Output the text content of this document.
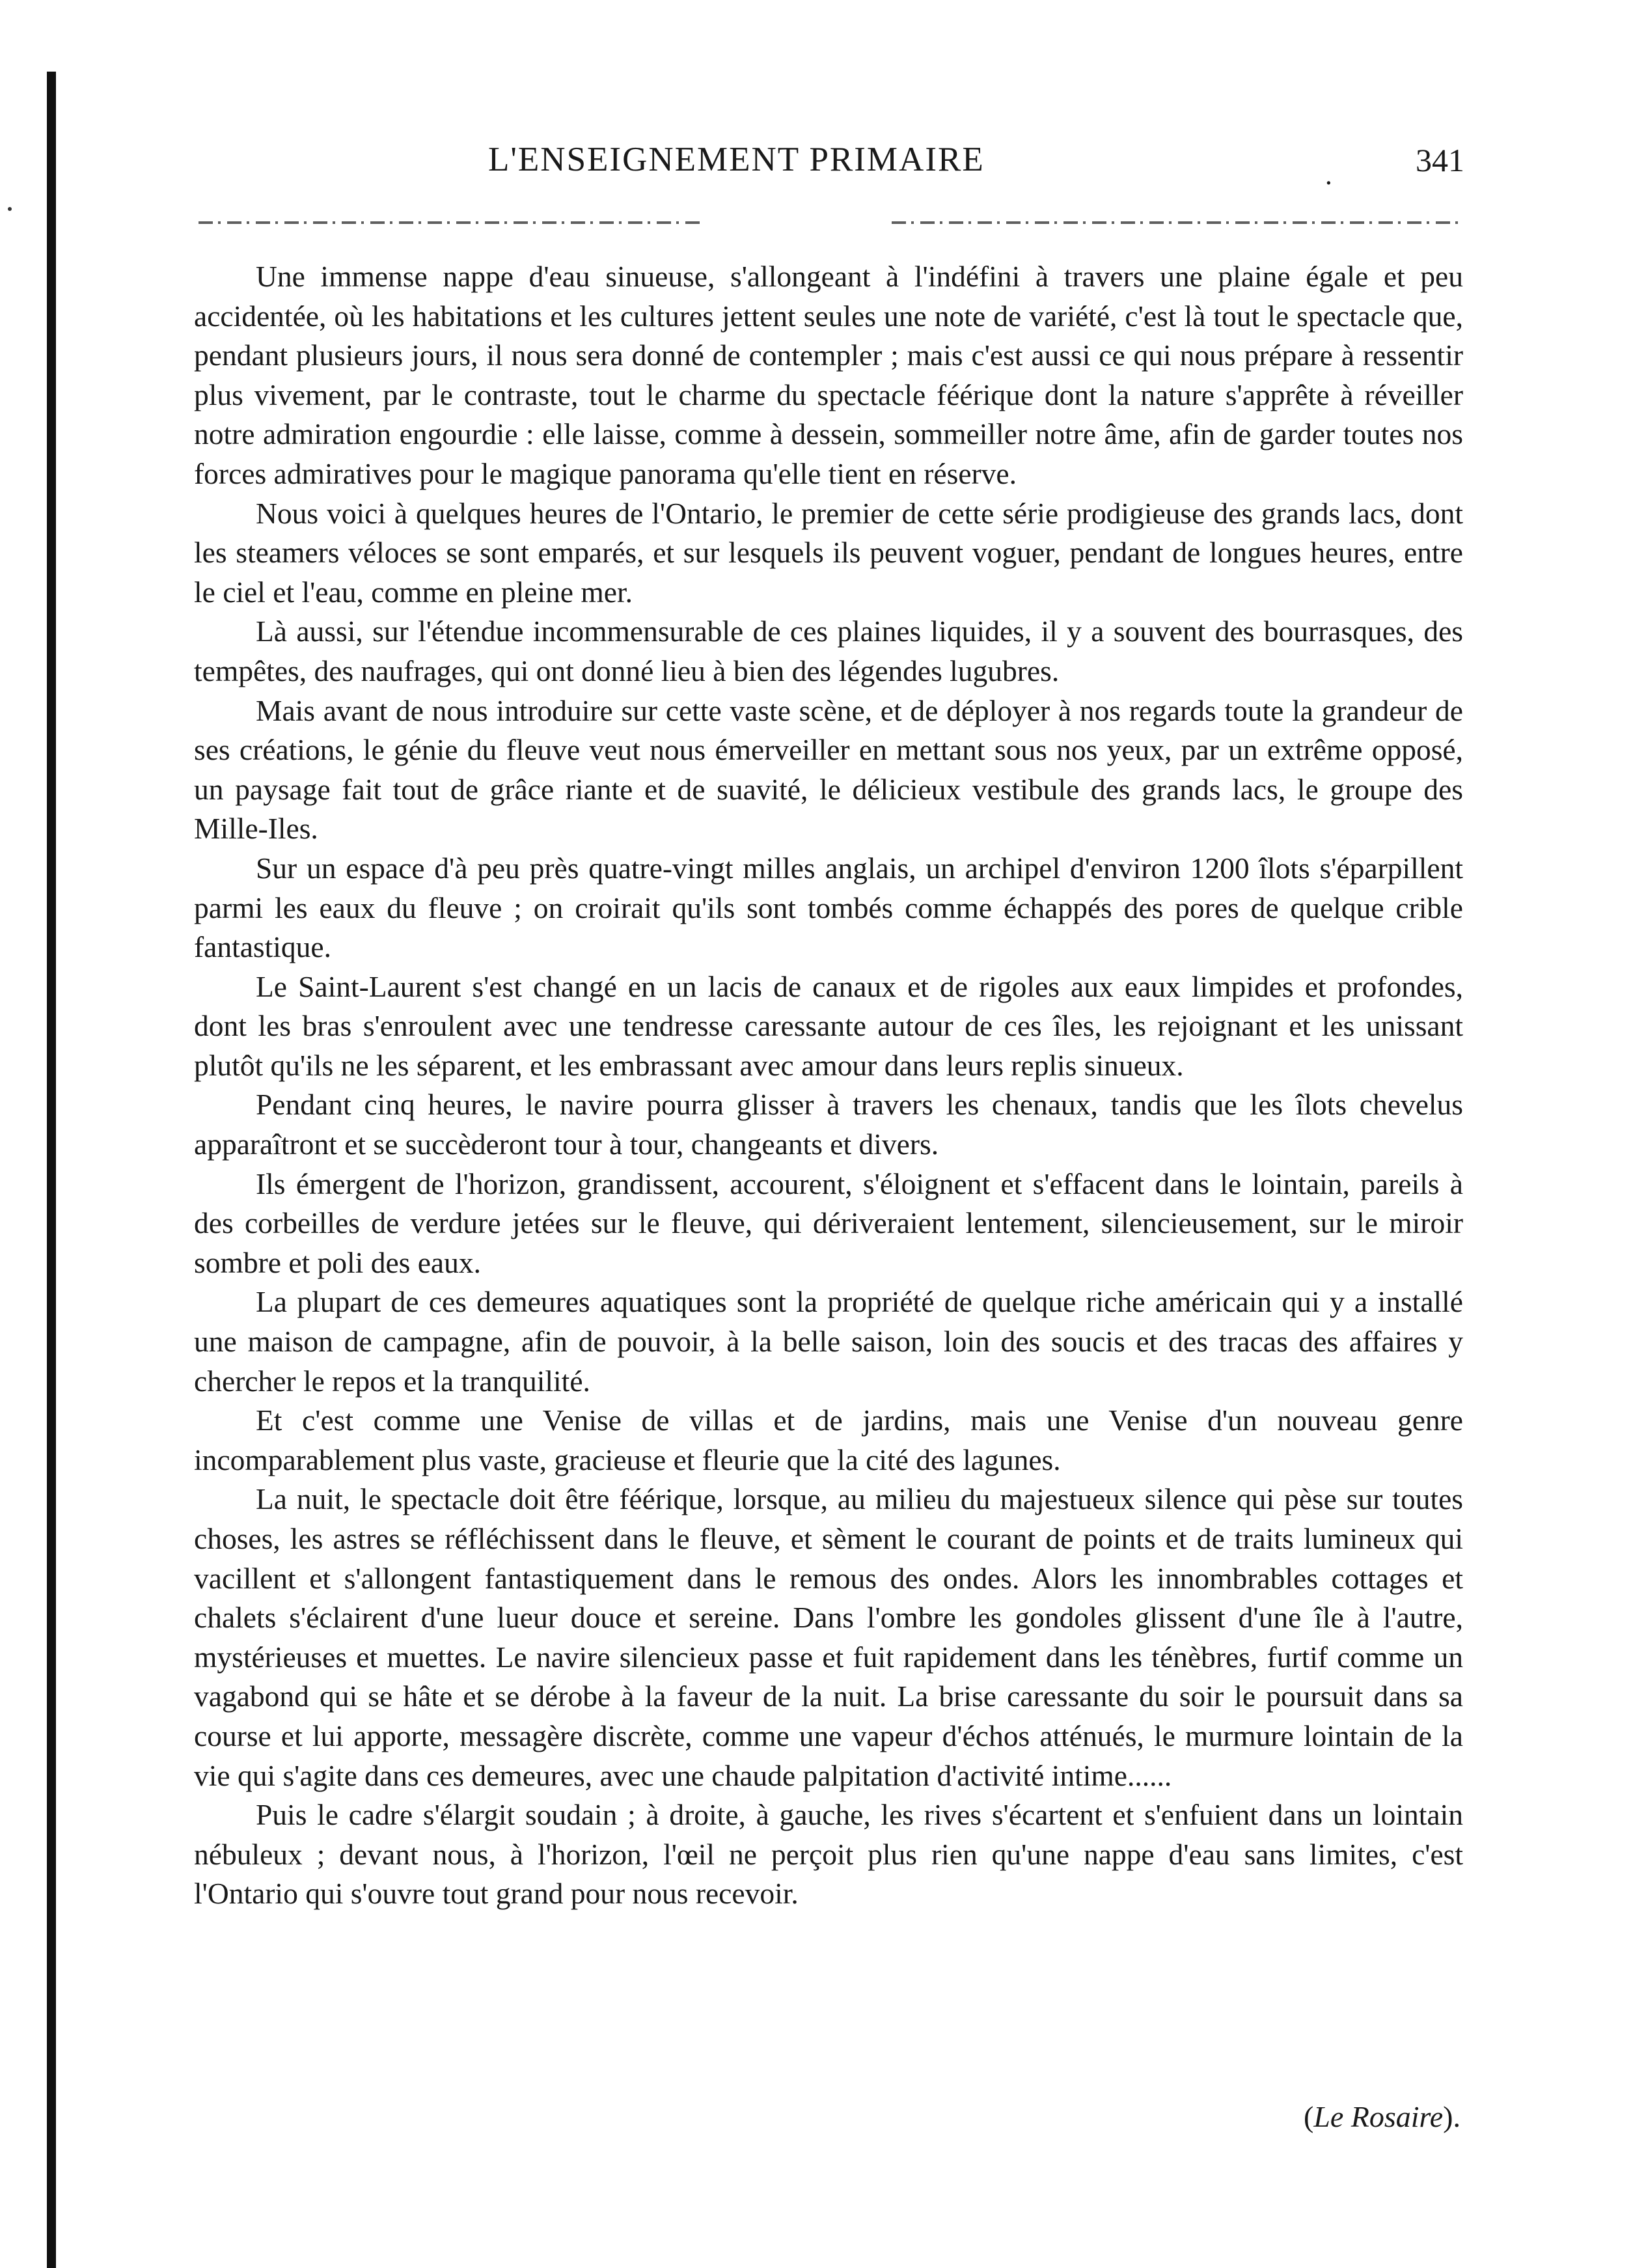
L'ENSEIGNEMENT PRIMAIRE	.	341

Une immense nappe d'eau sinueuse, s'allongeant à l'indéfini à travers une plaine égale et peu accidentée, où les habitations et les cultures jettent seules une note de variété, c'est là tout le spectacle que, pendant plusieurs jours, il nous sera donné de contempler ; mais c'est aussi ce qui nous prépare à ressentir plus vivement, par le contraste, tout le charme du spectacle féérique dont la nature s'apprête à réveiller notre admiration engourdie : elle laisse, comme à dessein, sommeiller notre âme, afin de garder toutes nos forces admiratives pour le magique panorama qu'elle tient en réserve.

Nous voici à quelques heures de l'Ontario, le premier de cette série prodigieuse des grands lacs, dont les steamers véloces se sont emparés, et sur lesquels ils peuvent voguer, pendant de longues heures, entre le ciel et l'eau, comme en pleine mer.

Là aussi, sur l'étendue incommensurable de ces plaines liquides, il y a souvent des bourrasques, des tempêtes, des naufrages, qui ont donné lieu à bien des légendes lugubres.

Mais avant de nous introduire sur cette vaste scène, et de déployer à nos regards toute la grandeur de ses créations, le génie du fleuve veut nous émerveiller en mettant sous nos yeux, par un extrême opposé, un paysage fait tout de grâce riante et de suavité, le délicieux vestibule des grands lacs, le groupe des Mille-Iles.

Sur un espace d'à peu près quatre-vingt milles anglais, un archipel d'environ 1200 îlots s'éparpillent parmi les eaux du fleuve ; on croirait qu'ils sont tombés comme échappés des pores de quelque crible fantastique.

Le Saint-Laurent s'est changé en un lacis de canaux et de rigoles aux eaux limpides et profondes, dont les bras s'enroulent avec une tendresse caressante autour de ces îles, les rejoignant et les unissant plutôt qu'ils ne les séparent, et les embrassant avec amour dans leurs replis sinueux.

Pendant cinq heures, le navire pourra glisser à travers les chenaux, tandis que les îlots chevelus apparaîtront et se succèderont tour à tour, changeants et divers.

Ils émergent de l'horizon, grandissent, accourent, s'éloignent et s'effacent dans le lointain, pareils à des corbeilles de verdure jetées sur le fleuve, qui dériveraient lentement, silencieusement, sur le miroir sombre et poli des eaux.

La plupart de ces demeures aquatiques sont la propriété de quelque riche américain qui y a installé une maison de campagne, afin de pouvoir, à la belle saison, loin des soucis et des tracas des affaires y chercher le repos et la tranquilité.

Et c'est comme une Venise de villas et de jardins, mais une Venise d'un nouveau genre incomparablement plus vaste, gracieuse et fleurie que la cité des lagunes.

La nuit, le spectacle doit être féérique, lorsque, au milieu du majestueux silence qui pèse sur toutes choses, les astres se réfléchissent dans le fleuve, et sèment le courant de points et de traits lumineux qui vacillent et s'allongent fantastiquement dans le remous des ondes. Alors les innombrables cottages et chalets s'éclairent d'une lueur douce et sereine. Dans l'ombre les gondoles glissent d'une île à l'autre, mystérieuses et muettes. Le navire silencieux passe et fuit rapidement dans les ténèbres, furtif comme un vagabond qui se hâte et se dérobe à la faveur de la nuit. La brise caressante du soir le poursuit dans sa course et lui apporte, messagère discrète, comme une vapeur d'échos atténués, le murmure lointain de la vie qui s'agite dans ces demeures, avec une chaude palpitation d'activité intime......

Puis le cadre s'élargit soudain ; à droite, à gauche, les rives s'écartent et s'enfuient dans un lointain nébuleux ; devant nous, à l'horizon, l'œil ne perçoit plus rien qu'une nappe d'eau sans limites, c'est l'Ontario qui s'ouvre tout grand pour nous recevoir.

(Le Rosaire).
